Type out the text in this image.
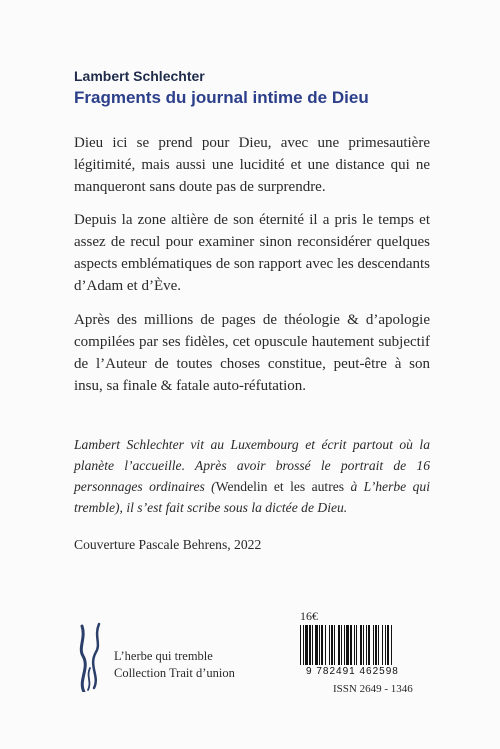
Lambert Schlechter
Fragments du journal intime de Dieu
Dieu ici se prend pour Dieu, avec une primesautière légitimité, mais aussi une lucidité et une distance qui ne manqueront sans doute pas de surprendre.
Depuis la zone altière de son éternité il a pris le temps et assez de recul pour examiner sinon reconsidérer quelques aspects emblématiques de son rapport avec les descendants d’Adam et d’Ève.
Après des millions de pages de théologie & d’apologie compilées par ses fidèles, cet opuscule hautement subjectif de l’Auteur de toutes choses constitue, peut-être à son insu, sa finale & fatale auto-réfutation.
Lambert Schlechter vit au Luxembourg et écrit partout où la planète l’accueille. Après avoir brossé le portrait de 16 personnages ordinaires (Wendelin et les autres à L’herbe qui tremble), il s’est fait scribe sous la dictée de Dieu.
Couverture Pascale Behrens, 2022
L’herbe qui tremble
Collection Trait d’union
16€
9 782491 462598
ISSN 2649 - 1346
